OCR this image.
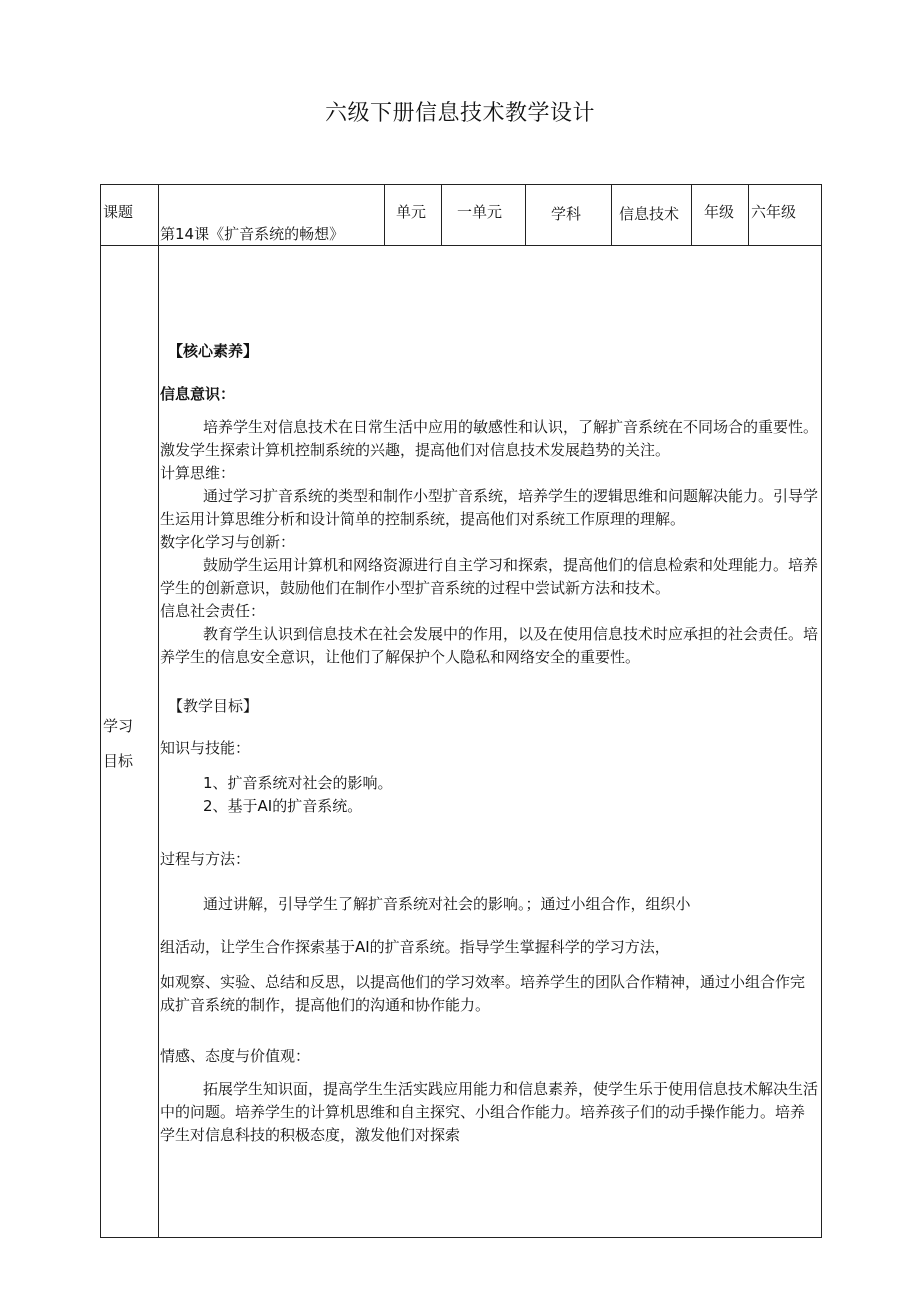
六级下册信息技术教学设计
课题
第14课《扩音系统的畅想》
单元 一单元	学科	信息技术 年级 六年级
学习
目标

【核心素养】

信息意识：

培养学生对信息技术在日常生活中应用的敏感性和认识，了解扩音系统在不同场合的重要性。激发学生探索计算机控制系统的兴趣，提高他们对信息技术发展趋势的关注。

计算思维：

通过学习扩音系统的类型和制作小型扩音系统，培养学生的逻辑思维和问题解决能力。引导学生运用计算思维分析和设计简单的控制系统，提高他们对系统工作原理的理解。

数字化学习与创新：

鼓励学生运用计算机和网络资源进行自主学习和探索，提高他们的信息检索和处理能力。培养学生的创新意识，鼓励他们在制作小型扩音系统的过程中尝试新方法和技术。

信息社会责任：

教育学生认识到信息技术在社会发展中的作用，以及在使用信息技术时应承担的社会责任。培养学生的信息安全意识，让他们了解保护个人隐私和网络安全的重要性。

【教学目标】

知识与技能：

1、扩音系统对社会的影响。

2、基于AI的扩音系统。

过程与方法：

通过讲解，引导学生了解扩音系统对社会的影响。；通过小组合作，组织小

组活动，让学生合作探索基于AI的扩音系统。指导学生掌握科学的学习方法，

如观察、实验、总结和反思，以提高他们的学习效率。培养学生的团队合作精神，通过小组合作完成扩音系统的制作，提高他们的沟通和协作能力。

情感、态度与价值观：

拓展学生知识面，提高学生生活实践应用能力和信息素养，使学生乐于使用信息技术解决生活中的问题。培养学生的计算机思维和自主探究、小组合作能力。培养孩子们的动手操作能力。培养学生对信息科技的积极态度，激发他们对探索
